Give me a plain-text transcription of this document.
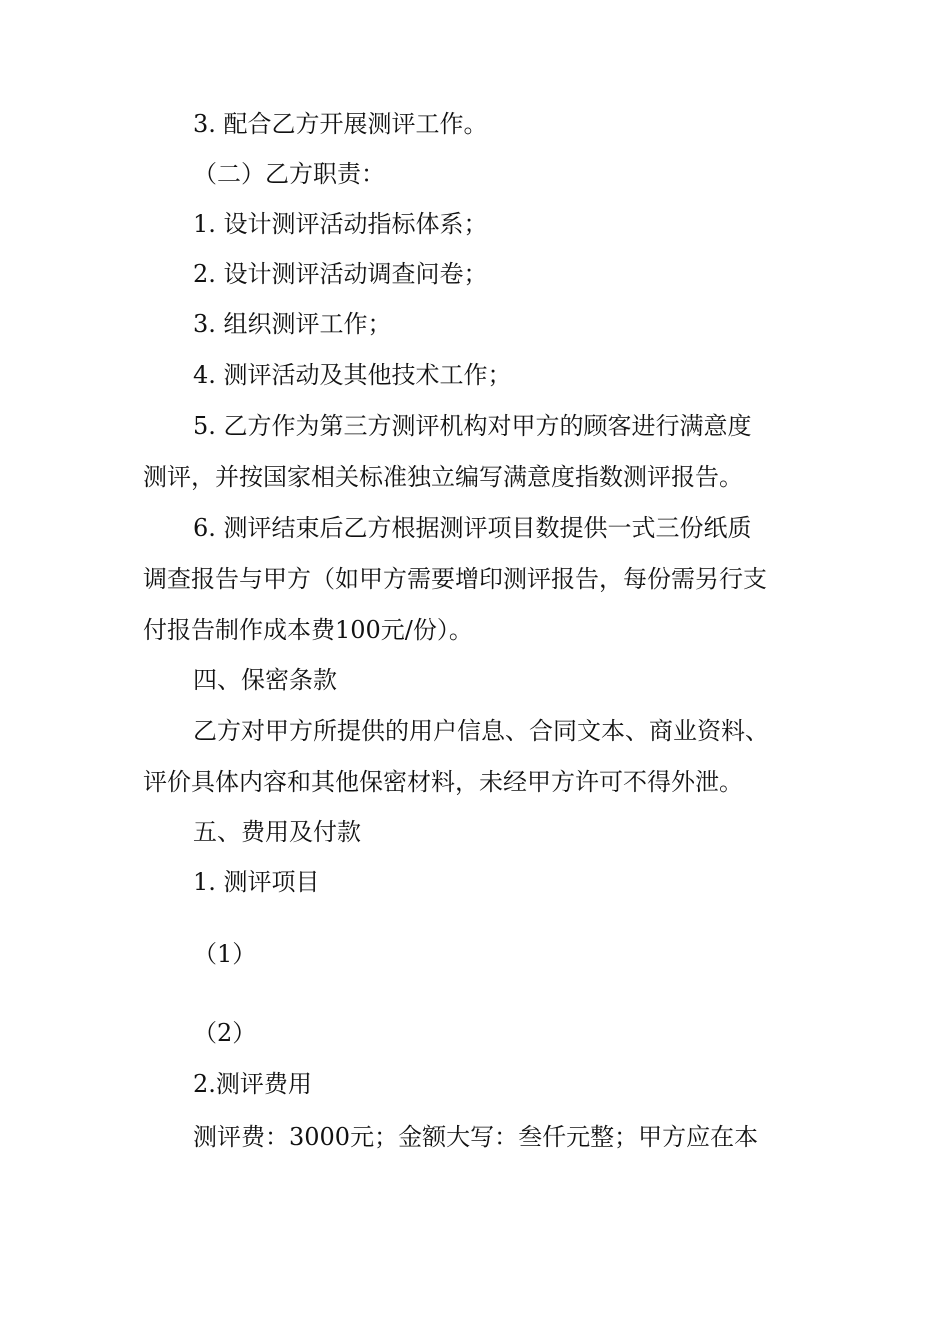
3. 配合乙方开展测评工作。
（二）乙方职责：
1. 设计测评活动指标体系；
2. 设计测评活动调查问卷；
3. 组织测评工作；
4. 测评活动及其他技术工作；
5. 乙方作为第三方测评机构对甲方的顾客进行满意度
测评，并按国家相关标准独立编写满意度指数测评报告。
6. 测评结束后乙方根据测评项目数提供一式三份纸质
调查报告与甲方（如甲方需要增印测评报告，每份需另行支
付报告制作成本费100元/份）。
四、保密条款
乙方对甲方所提供的用户信息、合同文本、商业资料、
评价具体内容和其他保密材料，未经甲方许可不得外泄。
五、费用及付款
1. 测评项目
（1）
（2）
2.测评费用
测评费：3000元；金额大写：叁仟元整；甲方应在本
